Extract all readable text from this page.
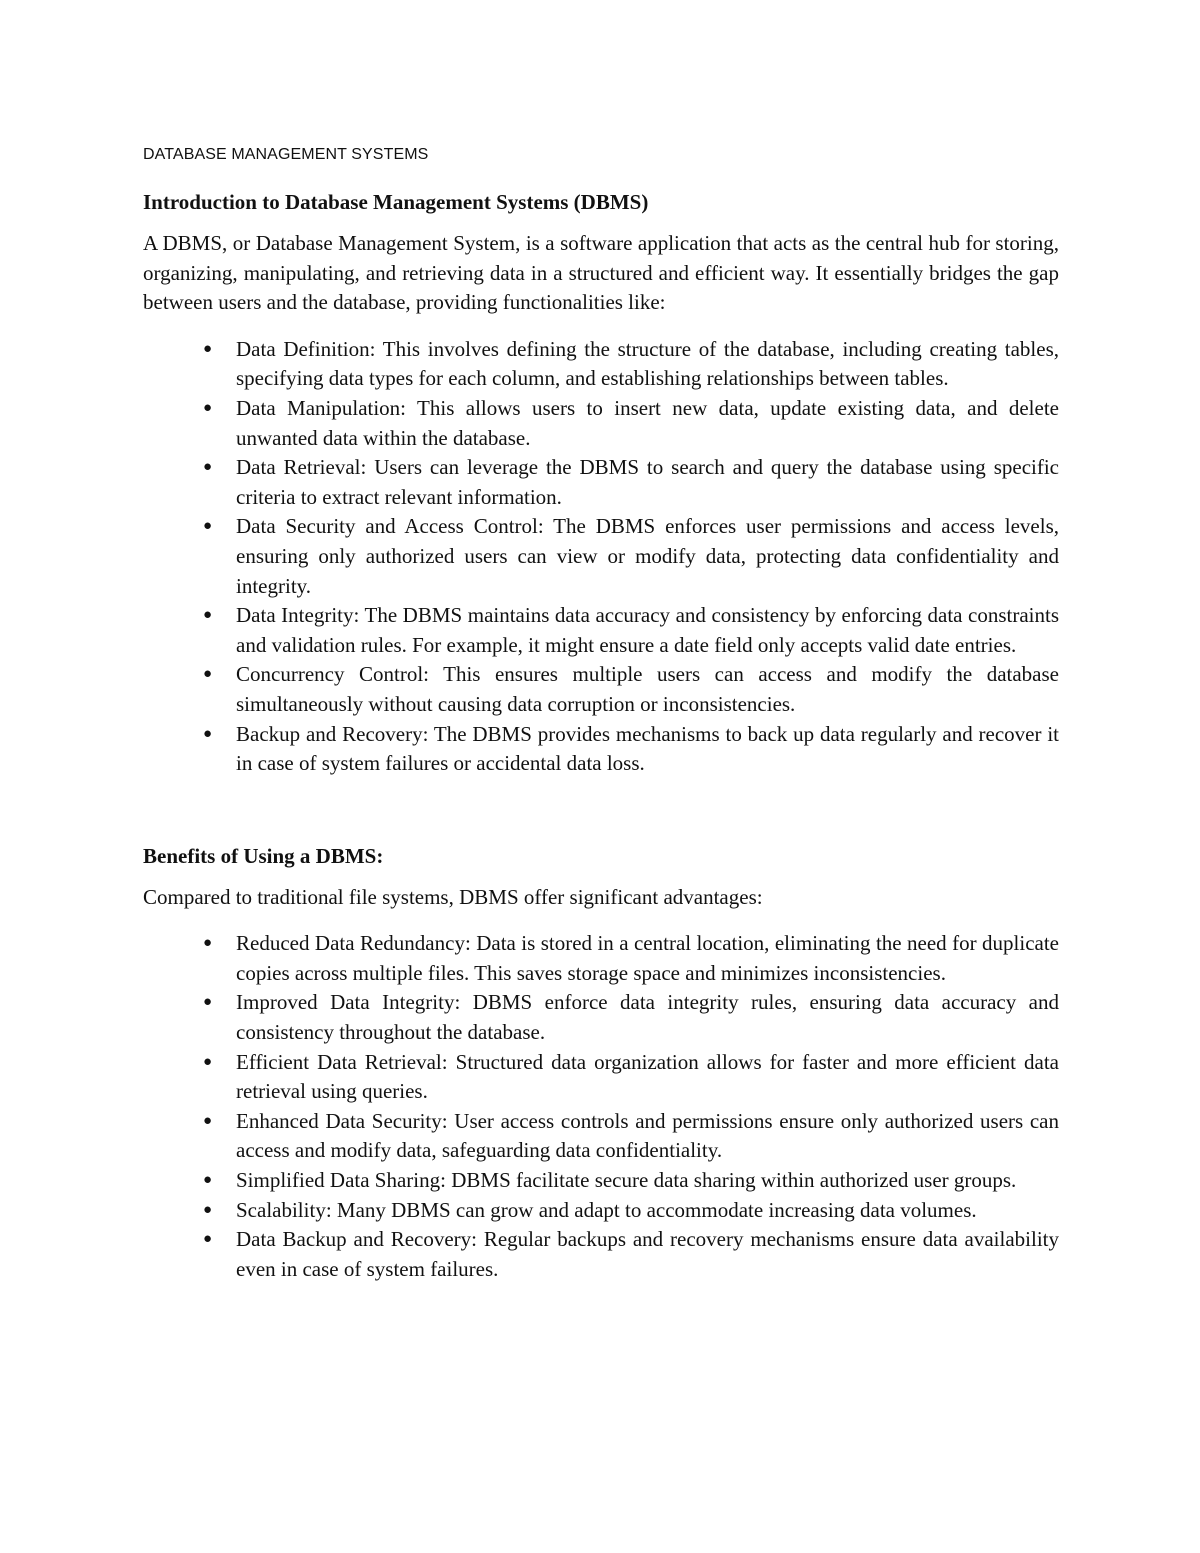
DATABASE MANAGEMENT SYSTEMS
Introduction to Database Management Systems (DBMS)

A DBMS, or Database Management System, is a software application that acts as the central hub for storing, organizing, manipulating, and retrieving data in a structured and efficient way. It essentially bridges the gap between users and the database, providing functionalities like:

● Data Definition: This involves defining the structure of the database, including creating tables, specifying data types for each column, and establishing relationships between tables.
● Data Manipulation: This allows users to insert new data, update existing data, and delete unwanted data within the database.
● Data Retrieval: Users can leverage the DBMS to search and query the database using specific criteria to extract relevant information.
● Data Security and Access Control: The DBMS enforces user permissions and access levels, ensuring only authorized users can view or modify data, protecting data confidentiality and integrity.
● Data Integrity: The DBMS maintains data accuracy and consistency by enforcing data constraints and validation rules. For example, it might ensure a date field only accepts valid date entries.
● Concurrency Control: This ensures multiple users can access and modify the database simultaneously without causing data corruption or inconsistencies.
● Backup and Recovery: The DBMS provides mechanisms to back up data regularly and recover it in case of system failures or accidental data loss.
Benefits of Using a DBMS:

Compared to traditional file systems, DBMS offer significant advantages:

● Reduced Data Redundancy: Data is stored in a central location, eliminating the need for duplicate copies across multiple files. This saves storage space and minimizes inconsistencies.
● Improved Data Integrity: DBMS enforce data integrity rules, ensuring data accuracy and consistency throughout the database.
● Efficient Data Retrieval: Structured data organization allows for faster and more efficient data retrieval using queries.
● Enhanced Data Security: User access controls and permissions ensure only authorized users can access and modify data, safeguarding data confidentiality.
● Simplified Data Sharing: DBMS facilitate secure data sharing within authorized user groups.
● Scalability: Many DBMS can grow and adapt to accommodate increasing data volumes.
● Data Backup and Recovery: Regular backups and recovery mechanisms ensure data availability even in case of system failures.
